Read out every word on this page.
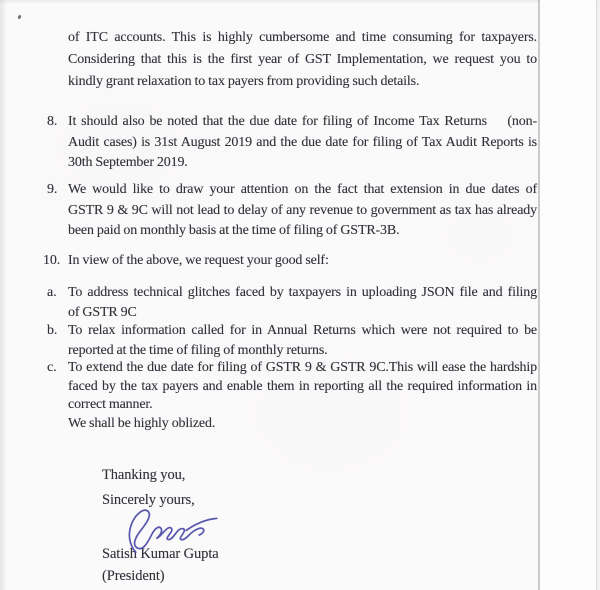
of ITC accounts. This is highly cumbersome and time consuming for taxpayers.
Considering that this is the first year of GST Implementation, we request you to
kindly grant relaxation to tax payers from providing such details.
8. It should also be noted that the due date for filing of Income Tax Returns   (non-
Audit cases) is 31st August 2019 and the due date for filing of Tax Audit Reports is
30th September 2019.
9. We would like to draw your attention on the fact that extension in due dates of
GSTR 9 & 9C will not lead to delay of any revenue to government as tax has already
been paid on monthly basis at the time of filing of GSTR-3B.
10. In view of the above, we request your good self:
a. To address technical glitches faced by taxpayers in uploading JSON file and filing
of GSTR 9C
b. To relax information called for in Annual Returns which were not required to be
reported at the time of filing of monthly returns.
c. To extend the due date for filing of GSTR 9 & GSTR 9C.This will ease the hardship
faced by the tax payers and enable them in reporting all the required information in
correct manner.
We shall be highly oblized.
Thanking you,
Sincerely yours,
Satish Kumar Gupta
(President)
